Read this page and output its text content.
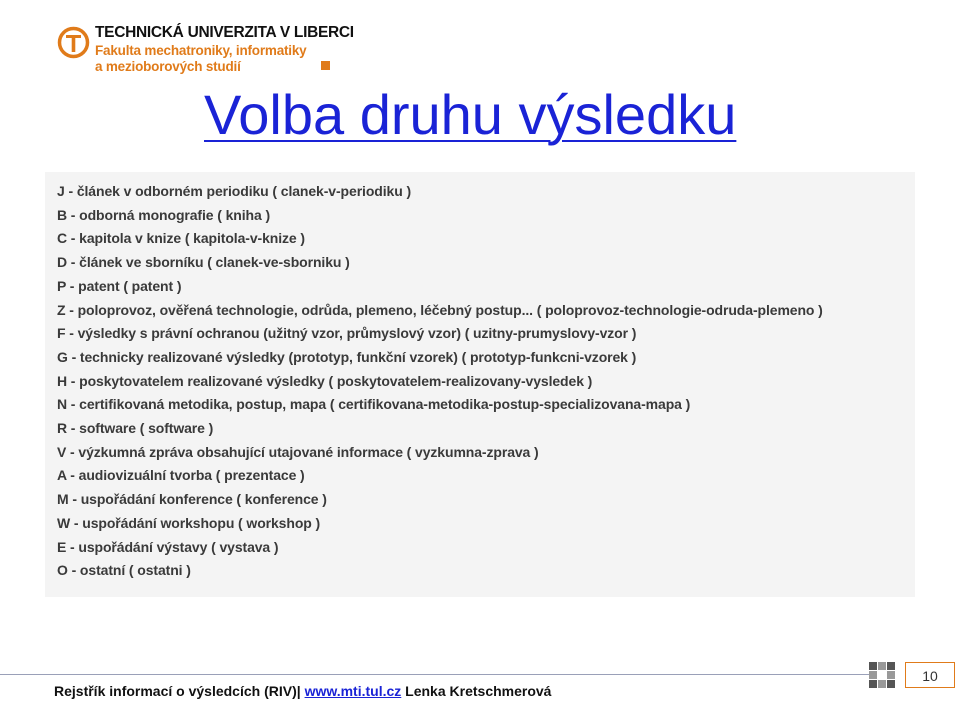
TECHNICKÁ UNIVERZITA V LIBERCI
Fakulta mechatroniky, informatiky
a mezioborových studií
Volba druhu výsledku
J - článek v odborném periodiku ( clanek-v-periodiku )
B - odborná monografie ( kniha )
C - kapitola v knize ( kapitola-v-knize )
D - článek ve sborníku ( clanek-ve-sborniku )
P - patent ( patent )
Z - poloprovoz, ověřená technologie, odrůda, plemeno, léčebný postup... ( poloprovoz-technologie-odruda-plemeno )
F - výsledky s právní ochranou (užitný vzor, průmyslový vzor) ( uzitny-prumyslovy-vzor )
G - technicky realizované výsledky (prototyp, funkční vzorek) ( prototyp-funkcni-vzorek )
H - poskytovatelem realizované výsledky ( poskytovatelem-realizovany-vysledek )
N - certifikovaná metodika, postup, mapa ( certifikovana-metodika-postup-specializovana-mapa )
R - software ( software )
V - výzkumná zpráva obsahující utajované informace ( vyzkumna-zprava )
A - audiovizuální tvorba ( prezentace )
M - uspořádání konference ( konference )
W - uspořádání workshopu ( workshop )
E - uspořádání výstavy ( vystava )
O - ostatní ( ostatni )
Rejstřík informací o výsledcích (RIV)| www.mti.tul.cz Lenka Kretschmerová
10
